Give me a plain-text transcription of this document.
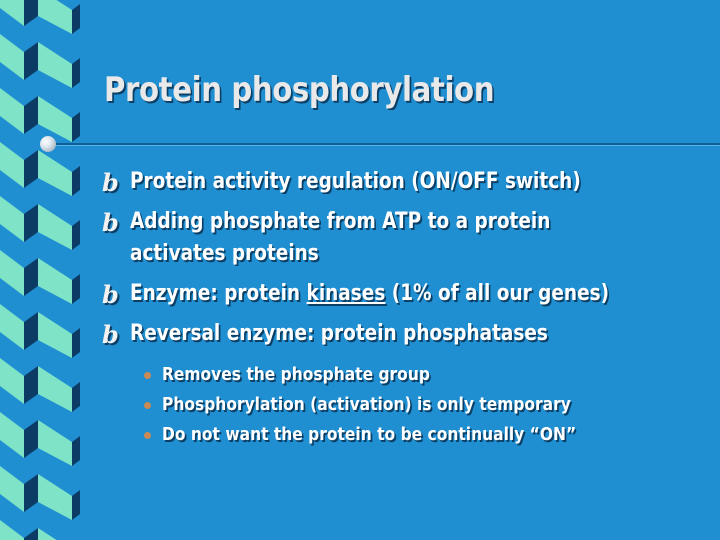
Protein phosphorylation
b Protein activity regulation (ON/OFF switch)
b Adding phosphate from ATP to a protein activates proteins
b Enzyme: protein kinases (1% of all our genes)
b Reversal enzyme: protein phosphatases
Removes the phosphate group
Phosphorylation (activation) is only temporary
Do not want the protein to be continually “ON”
